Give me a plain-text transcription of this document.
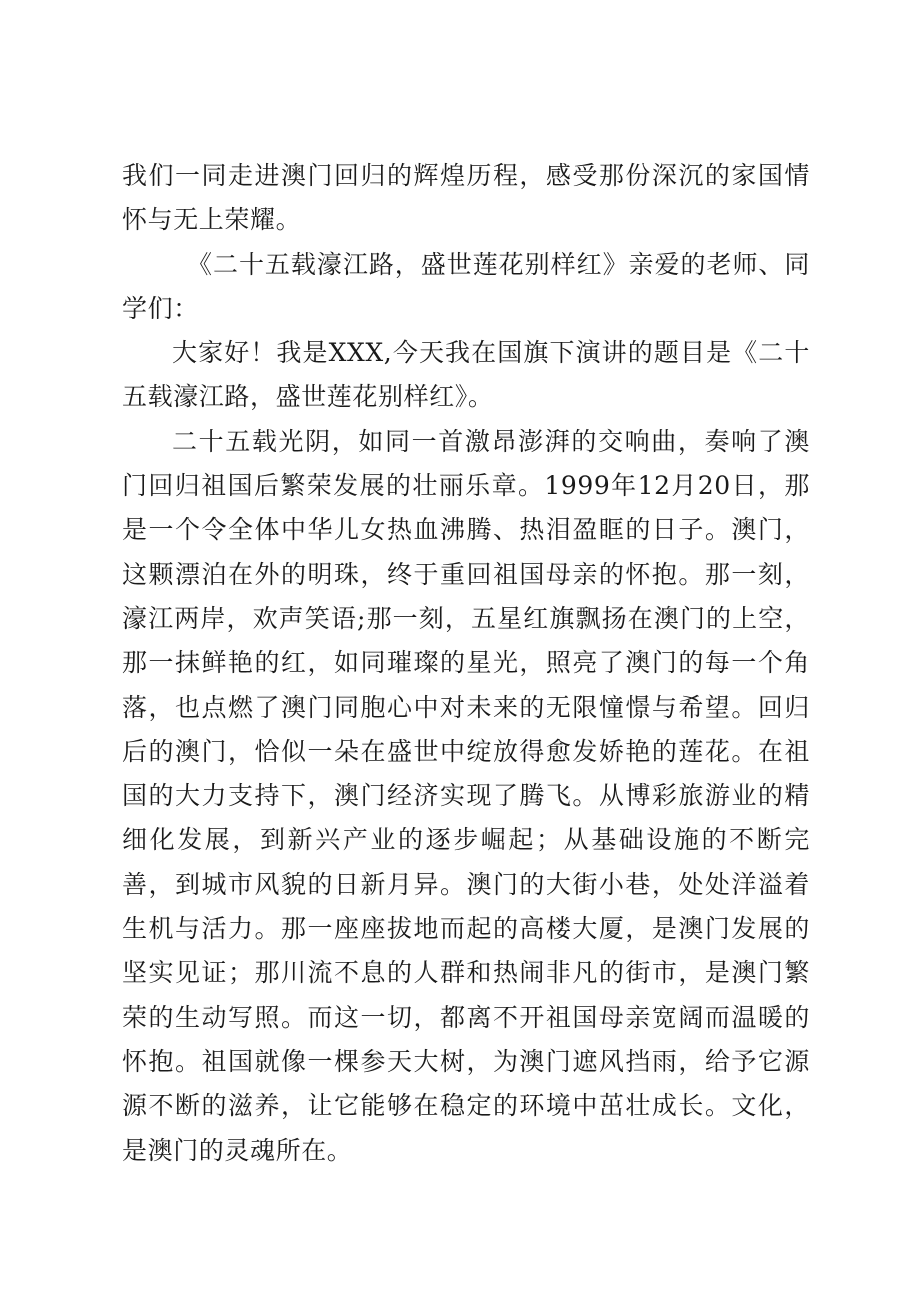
我们一同走进澳门回归的辉煌历程，感受那份深沉的家国情怀与无上荣耀。

《二十五载濠江路，盛世莲花别样红》亲爱的老师、同学们：

大家好！我是XXX,今天我在国旗下演讲的题目是《二十五载濠江路，盛世莲花别样红》。

二十五载光阴，如同一首激昂澎湃的交响曲，奏响了澳门回归祖国后繁荣发展的壮丽乐章。1999年12月20日，那是一个令全体中华儿女热血沸腾、热泪盈眶的日子。澳门，这颗漂泊在外的明珠，终于重回祖国母亲的怀抱。那一刻，濠江两岸，欢声笑语;那一刻，五星红旗飘扬在澳门的上空，那一抹鲜艳的红，如同璀璨的星光，照亮了澳门的每一个角落，也点燃了澳门同胞心中对未来的无限憧憬与希望。回归后的澳门，恰似一朵在盛世中绽放得愈发娇艳的莲花。在祖国的大力支持下，澳门经济实现了腾飞。从博彩旅游业的精细化发展，到新兴产业的逐步崛起；从基础设施的不断完善，到城市风貌的日新月异。澳门的大街小巷，处处洋溢着生机与活力。那一座座拔地而起的高楼大厦，是澳门发展的坚实见证；那川流不息的人群和热闹非凡的街市，是澳门繁荣的生动写照。而这一切，都离不开祖国母亲宽阔而温暖的怀抱。祖国就像一棵参天大树，为澳门遮风挡雨，给予它源源不断的滋养，让它能够在稳定的环境中茁壮成长。文化，是澳门的灵魂所在。
